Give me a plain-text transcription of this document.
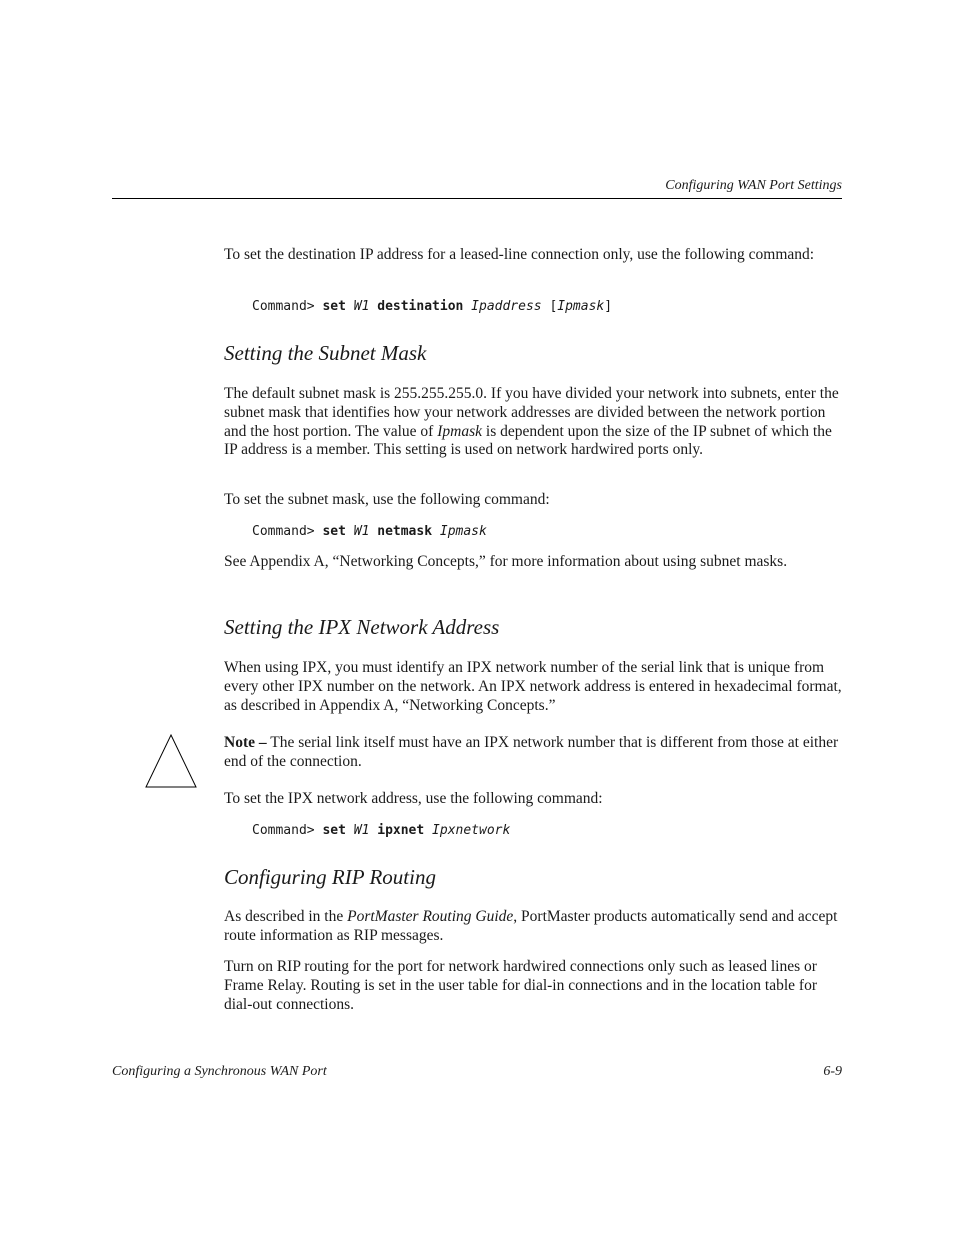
Configuring WAN Port Settings

To set the destination IP address for a leased-line connection only, use the following command:

Command> set W1 destination Ipaddress [Ipmask]
Setting the Subnet Mask

The default subnet mask is 255.255.255.0. If you have divided your network into subnets, enter the subnet mask that identifies how your network addresses are divided between the network portion and the host portion. The value of Ipmask is dependent upon the size of the IP subnet of which the IP address is a member. This setting is used on network hardwired ports only.

To set the subnet mask, use the following command:

Command> set W1 netmask Ipmask

See Appendix A, “Networking Concepts,” for more information about using subnet masks.

Setting the IPX Network Address

When using IPX, you must identify an IPX network number of the serial link that is unique from every other IPX number on the network. An IPX network address is entered in hexadecimal format, as described in Appendix A, “Networking Concepts.”

Note – The serial link itself must have an IPX network number that is different from those at either end of the connection.

To set the IPX network address, use the following command:

Command> set W1 ipxnet Ipxnetwork
Configuring RIP Routing

As described in the PortMaster Routing Guide, PortMaster products automatically send and accept route information as RIP messages.

Turn on RIP routing for the port for network hardwired connections only such as leased lines or Frame Relay. Routing is set in the user table for dial-in connections and in the location table for dial-out connections.

Configuring a Synchronous WAN Port	6-9
